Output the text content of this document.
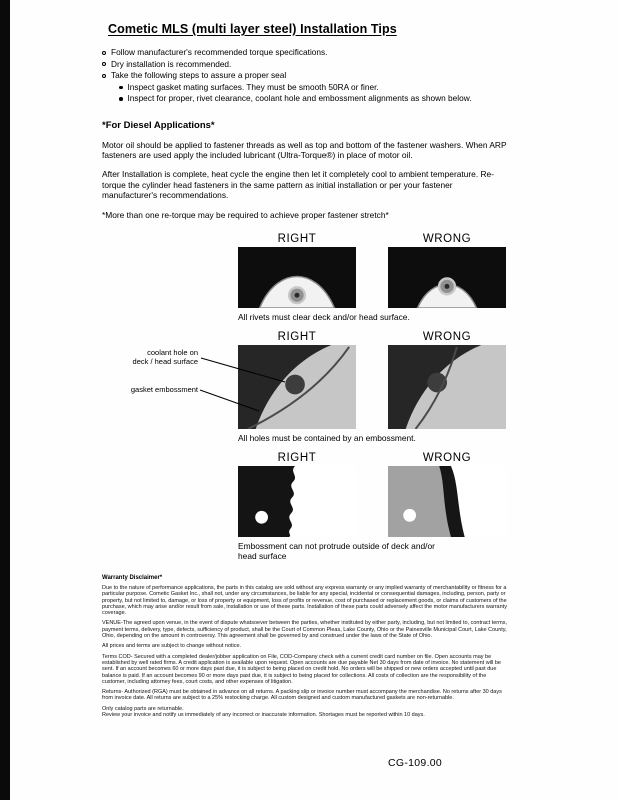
Cometic MLS (multi layer steel) Installation Tips
Follow manufacturer's recommended torque specifications.
Dry installation is recommended.
Take the following steps to assure a proper seal
Inspect gasket mating surfaces. They must be smooth 50RA or finer.
Inspect for proper, rivet clearance, coolant hole and embossment alignments as shown below.
*For Diesel Applications*
Motor oil should be applied to fastener threads as well as top and bottom of the fastener washers. When ARP fasteners are used apply the included lubricant (Ultra-Torque®) in place of motor oil.
After Installation is complete, heat cycle the engine then let it completely cool to ambient temperature. Re-torque the cylinder head fasteners in the same pattern as initial installation or per your fastener manufacturer's recommendations.
*More than one re-torque may be required to achieve proper fastener stretch*
RIGHT	WRONG
All rivets must clear deck and/or head surface.
RIGHT	WRONG
coolant hole on deck / head surface
gasket embossment
All holes must be contained by an embossment.
RIGHT	WRONG
Embossment can not protrude outside of deck and/or head surface
Warranty Disclaimer*
Due to the nature of performance applications, the parts in this catalog are sold without any express warranty or any implied warranty of merchantability or fitness for a particular purpose. Cometic Gasket Inc., shall not, under any circumstances, be liable for any special, incidental or consequential damages, including, person, party or property, but not limited to, damage, or loss of property or equipment, loss of profits or revenue, cost of purchased or replacement goods, or claims of customers of the purchase, which may arise and/or result from sale, installation or use of these parts. Installation of these parts could adversely affect the motor manufacturers warranty coverage.
VENUE-The agreed upon venue, in the event of dispute whatsoever between the parties, whether instituted by either party, including, but not limited to, contract terms, payment terms, delivery, type, defects, sufficiency of product, shall be the Court of Common Pleas, Lake County, Ohio or the Painesville Municipal Court, Lake County, Ohio, depending on the amount in controversy. This agreement shall be governed by and construed under the laws of the State of Ohio.
All prices and terms are subject to change without notice.
Terms COD- Secured with a completed dealer/jobber application on File, COD-Company check with a current credit card number on file. Open accounts may be established by well rated firms. A credit application is available upon request. Open accounts are due payable Net 30 days from date of invoice. No statement will be sent. If an account becomes 60 or more days past due, it is subject to being placed on credit hold. No orders will be shipped or new orders accepted until past due balance is paid. If an account becomes 90 or more days past due, it is subject to being placed for collections. All costs of collection are the responsibility of the customer, including attorney fees, court costs, and other expenses of litigation.
Returns- Authorized (RGA) must be obtained in advance on all returns. A packing slip or invoice number must accompany the merchandise. No returns after 30 days from invoice date. All returns are subject to a 25% restocking charge. All custom designed and custom manufactured gaskets are non-returnable.
Only catalog parts are returnable.
Review your invoice and notify us immediately of any incorrect or inaccurate information. Shortages must be reported within 10 days.
CG-109.00
